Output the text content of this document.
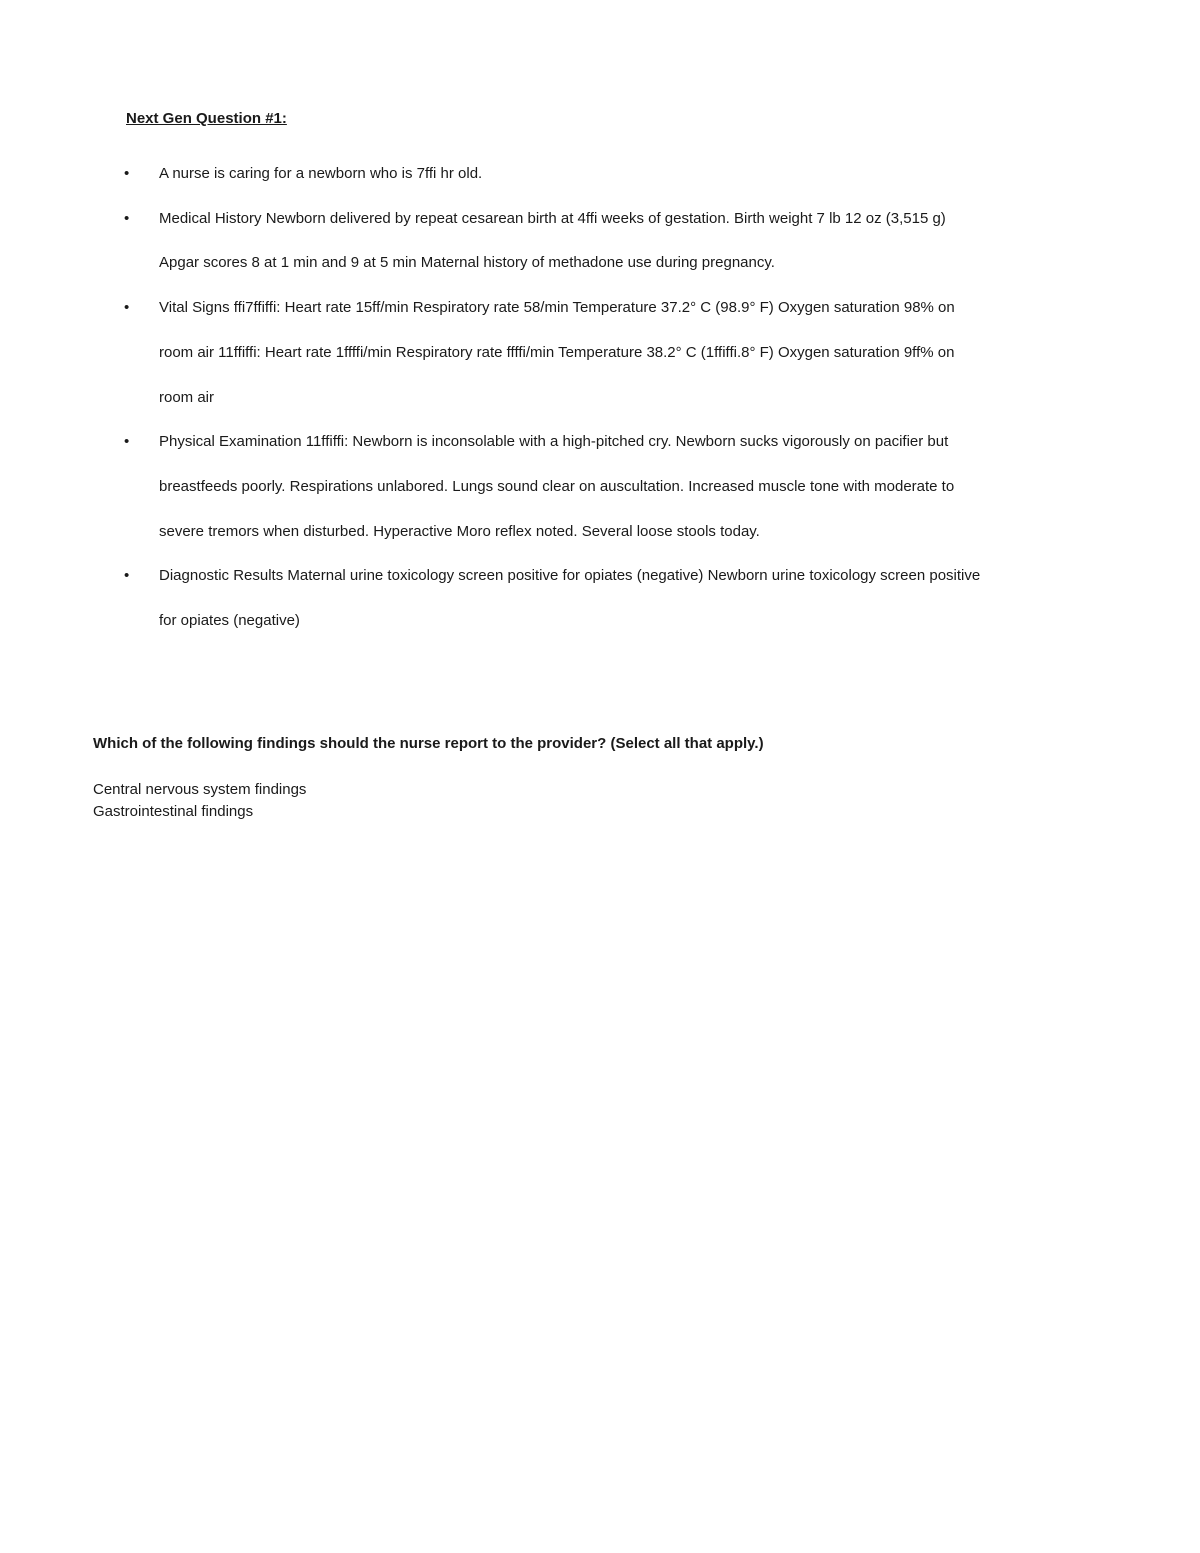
Next Gen Question #1:

• A nurse is caring for a newborn who is 7ffi hr old.
• Medical History Newborn delivered by repeat cesarean birth at 4ffi weeks of gestation. Birth weight 7 lb 12 oz (3,515 g) Apgar scores 8 at 1 min and 9 at 5 min Maternal history of methadone use during pregnancy.
• Vital Signs ffi7ffiffi: Heart rate 15ff/min Respiratory rate 58/min Temperature 37.2° C (98.9° F) Oxygen saturation 98% on room air 11ffiffi: Heart rate 1ffffi/min Respiratory rate ffffi/min Temperature 38.2° C (1ffiffi.8° F) Oxygen saturation 9ff% on room air
• Physical Examination 11ffiffi: Newborn is inconsolable with a high-pitched cry. Newborn sucks vigorously on pacifier but breastfeeds poorly. Respirations unlabored. Lungs sound clear on auscultation. Increased muscle tone with moderate to severe tremors when disturbed. Hyperactive Moro reflex noted. Several loose stools today.
• Diagnostic Results Maternal urine toxicology screen positive for opiates (negative) Newborn urine toxicology screen positive for opiates (negative)

Which of the following findings should the nurse report to the provider? (Select all that apply.)

Central nervous system findings
Gastrointestinal findings
